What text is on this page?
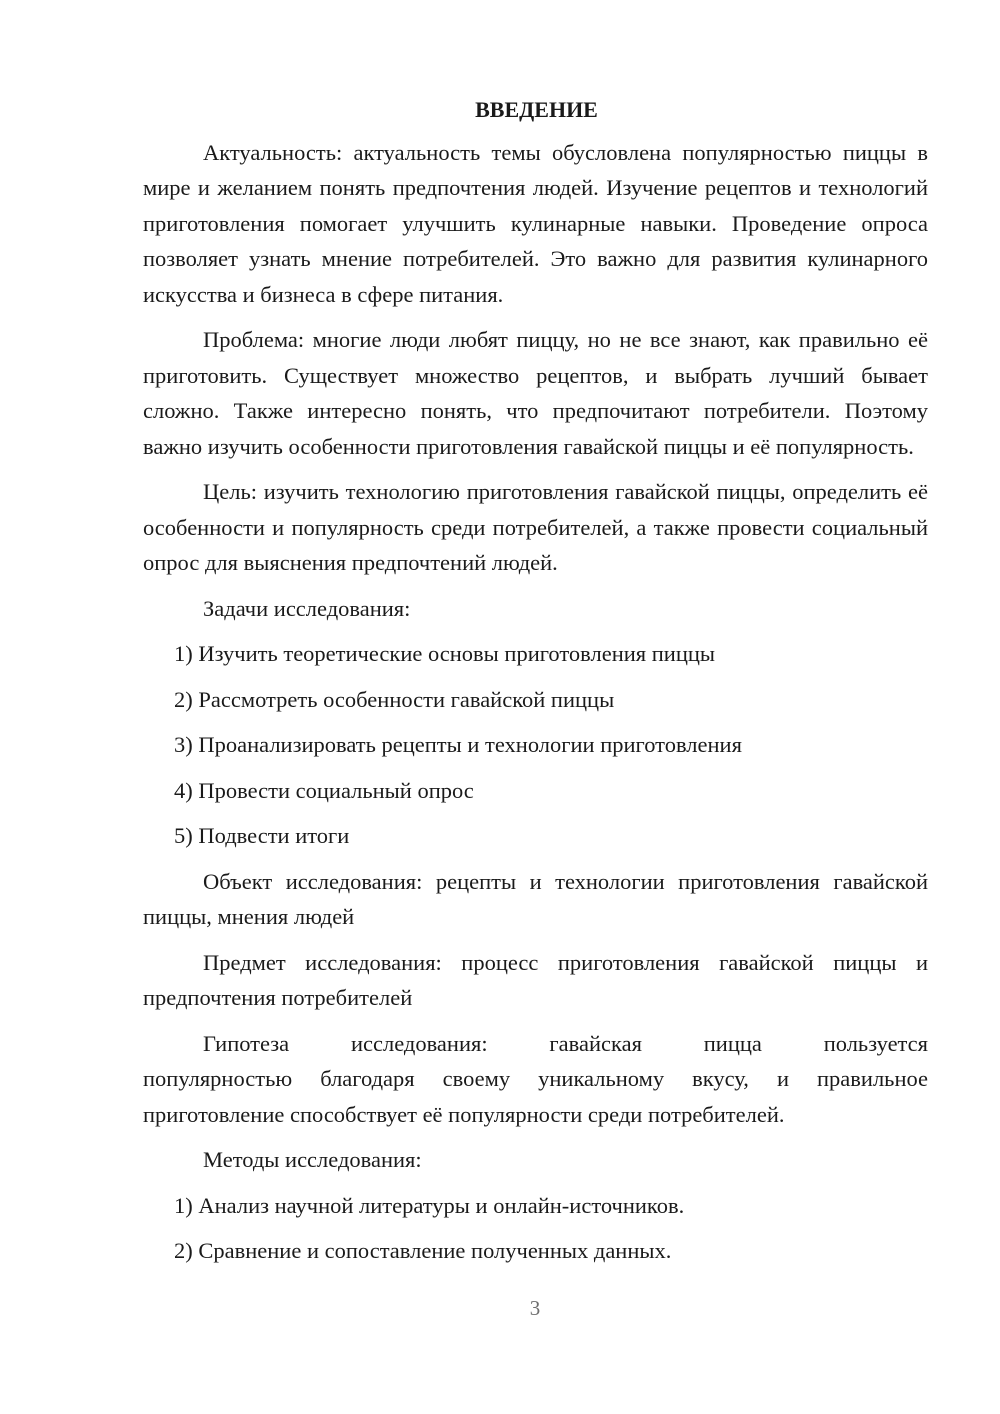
ВВЕДЕНИЕ

Актуальность: актуальность темы обусловлена популярностью пиццы в мире и желанием понять предпочтения людей. Изучение рецептов и технологий приготовления помогает улучшить кулинарные навыки. Проведение опроса позволяет узнать мнение потребителей. Это важно для развития кулинарного искусства и бизнеса в сфере питания.

Проблема: многие люди любят пиццу, но не все знают, как правильно её приготовить. Существует множество рецептов, и выбрать лучший бывает сложно. Также интересно понять, что предпочитают потребители. Поэтому важно изучить особенности приготовления гавайской пиццы и её популярность.

Цель: изучить технологию приготовления гавайской пиццы, определить её особенности и популярность среди потребителей, а также провести социальный опрос для выяснения предпочтений людей.

Задачи исследования:

1) Изучить теоретические основы приготовления пиццы

2) Рассмотреть особенности гавайской пиццы

3) Проанализировать рецепты и технологии приготовления

4) Провести социальный опрос

5) Подвести итоги

Объект исследования: рецепты и технологии приготовления гавайской пиццы, мнения людей

Предмет исследования: процесс приготовления гавайской пиццы и предпочтения потребителей

Гипотеза исследования: гавайская пицца пользуется
популярностью благодаря своему уникальному вкусу, и правильное приготовление способствует её популярности среди потребителей.

Методы исследования:

1) Анализ научной литературы и онлайн-источников.

2) Сравнение и сопоставление полученных данных.

3
